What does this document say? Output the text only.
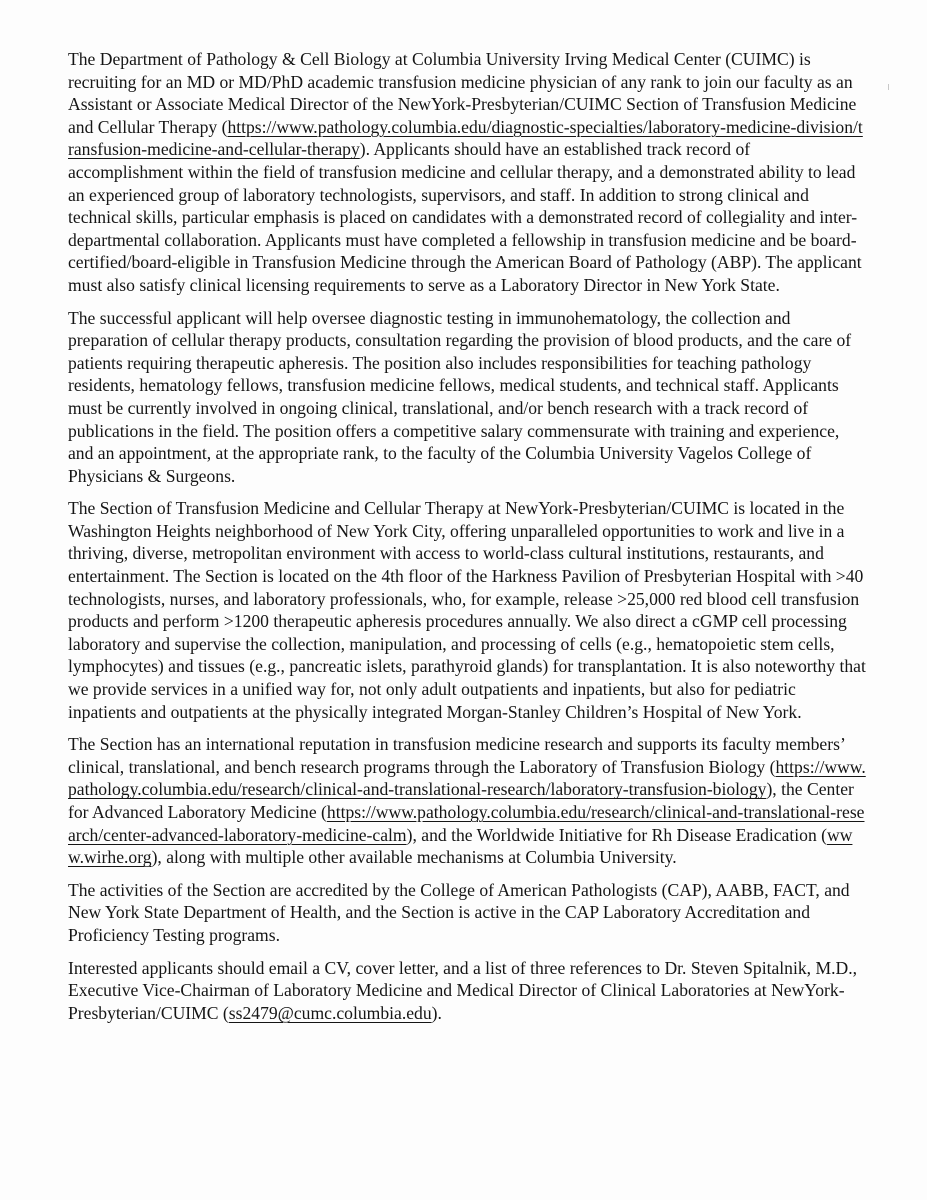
The Department of Pathology & Cell Biology at Columbia University Irving Medical Center (CUIMC) is recruiting for an MD or MD/PhD academic transfusion medicine physician of any rank to join our faculty as an Assistant or Associate Medical Director of the NewYork-Presbyterian/CUIMC Section of Transfusion Medicine and Cellular Therapy (https://www.pathology.columbia.edu/diagnostic-specialties/laboratory-medicine-division/transfusion-medicine-and-cellular-therapy). Applicants should have an established track record of accomplishment within the field of transfusion medicine and cellular therapy, and a demonstrated ability to lead an experienced group of laboratory technologists, supervisors, and staff. In addition to strong clinical and technical skills, particular emphasis is placed on candidates with a demonstrated record of collegiality and inter-departmental collaboration. Applicants must have completed a fellowship in transfusion medicine and be board-certified/board-eligible in Transfusion Medicine through the American Board of Pathology (ABP). The applicant must also satisfy clinical licensing requirements to serve as a Laboratory Director in New York State.

The successful applicant will help oversee diagnostic testing in immunohematology, the collection and preparation of cellular therapy products, consultation regarding the provision of blood products, and the care of patients requiring therapeutic apheresis. The position also includes responsibilities for teaching pathology residents, hematology fellows, transfusion medicine fellows, medical students, and technical staff. Applicants must be currently involved in ongoing clinical, translational, and/or bench research with a track record of publications in the field. The position offers a competitive salary commensurate with training and experience, and an appointment, at the appropriate rank, to the faculty of the Columbia University Vagelos College of Physicians & Surgeons.

The Section of Transfusion Medicine and Cellular Therapy at NewYork-Presbyterian/CUIMC is located in the Washington Heights neighborhood of New York City, offering unparalleled opportunities to work and live in a thriving, diverse, metropolitan environment with access to world-class cultural institutions, restaurants, and entertainment. The Section is located on the 4th floor of the Harkness Pavilion of Presbyterian Hospital with >40 technologists, nurses, and laboratory professionals, who, for example, release >25,000 red blood cell transfusion products and perform >1200 therapeutic apheresis procedures annually. We also direct a cGMP cell processing laboratory and supervise the collection, manipulation, and processing of cells (e.g., hematopoietic stem cells, lymphocytes) and tissues (e.g., pancreatic islets, parathyroid glands) for transplantation. It is also noteworthy that we provide services in a unified way for, not only adult outpatients and inpatients, but also for pediatric inpatients and outpatients at the physically integrated Morgan-Stanley Children’s Hospital of New York.

The Section has an international reputation in transfusion medicine research and supports its faculty members’ clinical, translational, and bench research programs through the Laboratory of Transfusion Biology (https://www.pathology.columbia.edu/research/clinical-and-translational-research/laboratory-transfusion-biology), the Center for Advanced Laboratory Medicine (https://www.pathology.columbia.edu/research/clinical-and-translational-research/center-advanced-laboratory-medicine-calm), and the Worldwide Initiative for Rh Disease Eradication (www.wirhe.org), along with multiple other available mechanisms at Columbia University.

The activities of the Section are accredited by the College of American Pathologists (CAP), AABB, FACT, and New York State Department of Health, and the Section is active in the CAP Laboratory Accreditation and Proficiency Testing programs.

Interested applicants should email a CV, cover letter, and a list of three references to Dr. Steven Spitalnik, M.D., Executive Vice-Chairman of Laboratory Medicine and Medical Director of Clinical Laboratories at NewYork-Presbyterian/CUIMC (ss2479@cumc.columbia.edu).
